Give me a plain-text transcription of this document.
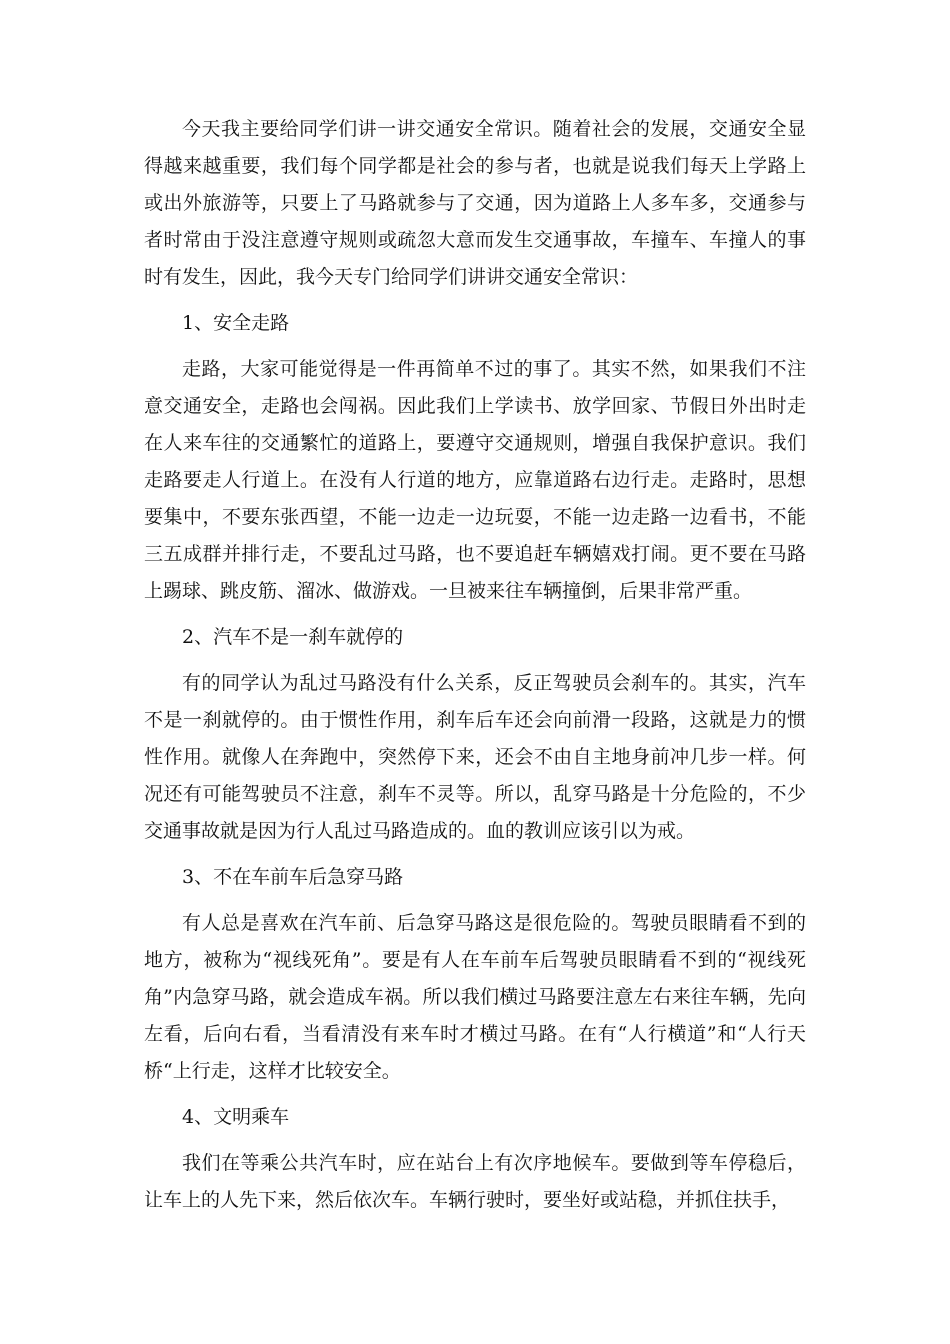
今天我主要给同学们讲一讲交通安全常识。随着社会的发展，交通安全显得越来越重要，我们每个同学都是社会的参与者，也就是说我们每天上学路上或出外旅游等，只要上了马路就参与了交通，因为道路上人多车多，交通参与者时常由于没注意遵守规则或疏忽大意而发生交通事故，车撞车、车撞人的事时有发生，因此，我今天专门给同学们讲讲交通安全常识：

1、安全走路

走路，大家可能觉得是一件再简单不过的事了。其实不然，如果我们不注意交通安全，走路也会闯祸。因此我们上学读书、放学回家、节假日外出时走在人来车往的交通繁忙的道路上，要遵守交通规则，增强自我保护意识。我们走路要走人行道上。在没有人行道的地方，应靠道路右边行走。走路时，思想要集中，不要东张西望，不能一边走一边玩耍，不能一边走路一边看书，不能三五成群并排行走，不要乱过马路，也不要追赶车辆嬉戏打闹。更不要在马路上踢球、跳皮筋、溜冰、做游戏。一旦被来往车辆撞倒，后果非常严重。

2、汽车不是一刹车就停的

有的同学认为乱过马路没有什么关系，反正驾驶员会刹车的。其实，汽车不是一刹就停的。由于惯性作用，刹车后车还会向前滑一段路，这就是力的惯性作用。就像人在奔跑中，突然停下来，还会不由自主地身前冲几步一样。何况还有可能驾驶员不注意，刹车不灵等。所以，乱穿马路是十分危险的，不少交通事故就是因为行人乱过马路造成的。血的教训应该引以为戒。

3、不在车前车后急穿马路

有人总是喜欢在汽车前、后急穿马路这是很危险的。驾驶员眼睛看不到的地方，被称为“视线死角”。要是有人在车前车后驾驶员眼睛看不到的“视线死角”内急穿马路，就会造成车祸。所以我们横过马路要注意左右来往车辆，先向左看，后向右看，当看清没有来车时才横过马路。在有“人行横道”和“人行天桥“上行走，这样才比较安全。

4、文明乘车

我们在等乘公共汽车时，应在站台上有次序地候车。要做到等车停稳后，让车上的人先下来，然后依次车。车辆行驶时，要坐好或站稳，并抓住扶手，
